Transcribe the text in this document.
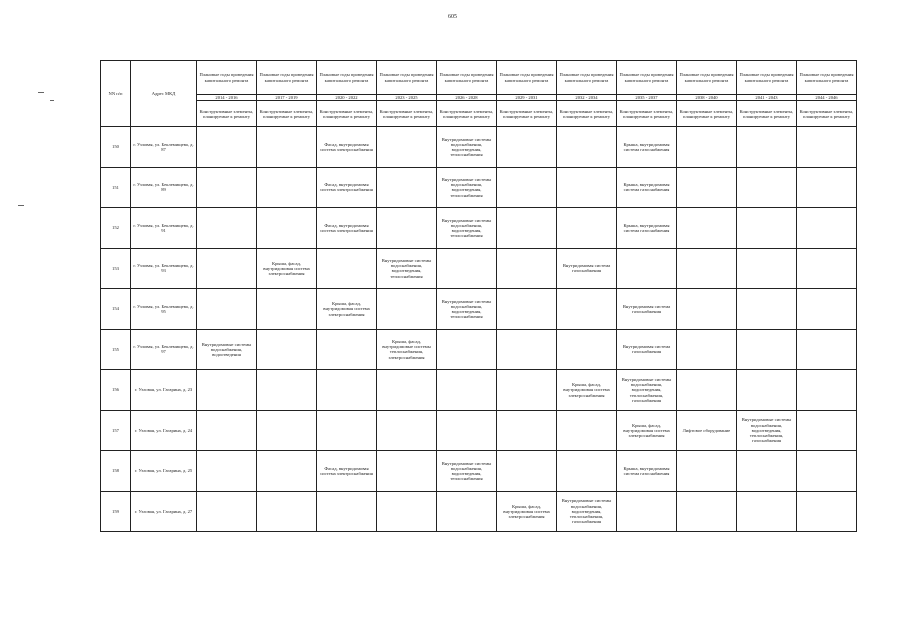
605
NN п/п	Адрес МКД	Плановые годы проведения капитального ремонта	Плановые годы проведения капитального ремонта	Плановые годы проведения капитального ремонта	Плановые годы проведения капитального ремонта	Плановые годы проведения капитального ремонта	Плановые годы проведения капитального ремонта	Плановые годы проведения капитального ремонта	Плановые годы проведения капитального ремонта	Плановые годы проведения капитального ремонта	Плановые годы проведения капитального ремонта	Плановые годы проведения капитального ремонта
		2014 - 2016	2017 - 2019	2020 - 2022	2023 - 2025	2026 - 2028	2029 - 2031	2032 - 2034	2035 - 2037	2038 - 2040	2041 - 2043	2044 - 2046
		Конструктивные элементы, планируемые к ремонту	Конструктивные элементы, планируемые к ремонту	Конструктивные элементы, планируемые к ремонту	Конструктивные элементы, планируемые к ремонту	Конструктивные элементы, планируемые к ремонту	Конструктивные элементы, планируемые к ремонту	Конструктивные элементы, планируемые к ремонту	Конструктивные элементы, планируемые к ремонту	Конструктивные элементы, планируемые к ремонту	Конструктивные элементы, планируемые к ремонту	Конструктивные элементы, планируемые к ремонту
150	г. Узловая, ул. Беклемищева, д. 87			Фасад, внутридомовая система электроснабжения		Внутридомовые системы водоснабжения, водоотведения, теплоснабжения			Крыша, внутридомовая система газоснабжения			
151	г. Узловая, ул. Беклемищева, д. 89			Фасад, внутридомовая система электроснабжения		Внутридомовые системы водоснабжения, водоотведения, теплоснабжения			Крыша, внутридомовая система газоснабжения			
152	г. Узловая, ул. Беклемищева, д. 91			Фасад, внутридомовая система электроснабжения		Внутридомовые системы водоснабжения, водоотведения, теплоснабжения			Крыша, внутридомовая система газоснабжения			
153	г. Узловая, ул. Беклемищева, д. 93		Крыша, фасад, внутридомовая система электроснабжения		Внутридомовые системы водоснабжения, водоотведения, теплоснабжения			Внутридомовая система газоснабжения				
154	г. Узловая, ул. Беклемищева, д. 95			Крыша, фасад, внутридомовая система электроснабжения		Внутридомовые системы водоснабжения, водоотведения, теплоснабжения			Внутридомовая система газоснабжения			
155	г. Узловая, ул. Беклемищева, д. 97	Внутридомовые системы водоснабжения, водоотведения			Крыша, фасад, внутридомовые системы теплоснабжения, электроснабжения				Внутридомовая система газоснабжения			
156	г. Узловая, ул. Гагарина, д. 23							Крыша, фасад, внутридомовая система электроснабжения	Внутридомовые системы водоснабжения, водоотведения, теплоснабжения, газоснабжения			
157	г. Узловая, ул. Гагарина, д. 24								Крыша, фасад, внутридомовая система электроснабжения	Лифтовое оборудование	Внутридомовые системы водоснабжения, водоотведения, теплоснабжения, газоснабжения	
158	г. Узловая, ул. Гагарина, д. 25			Фасад, внутридомовая система электроснабжения		Внутридомовые системы водоснабжения, водоотведения, теплоснабжения			Крыша, внутридомовая система газоснабжения			
159	г. Узловая, ул. Гагарина, д. 27						Крыша, фасад, внутридомовая система электроснабжения	Внутридомовые системы водоснабжения, водоотведения, теплоснабжения, газоснабжения				
